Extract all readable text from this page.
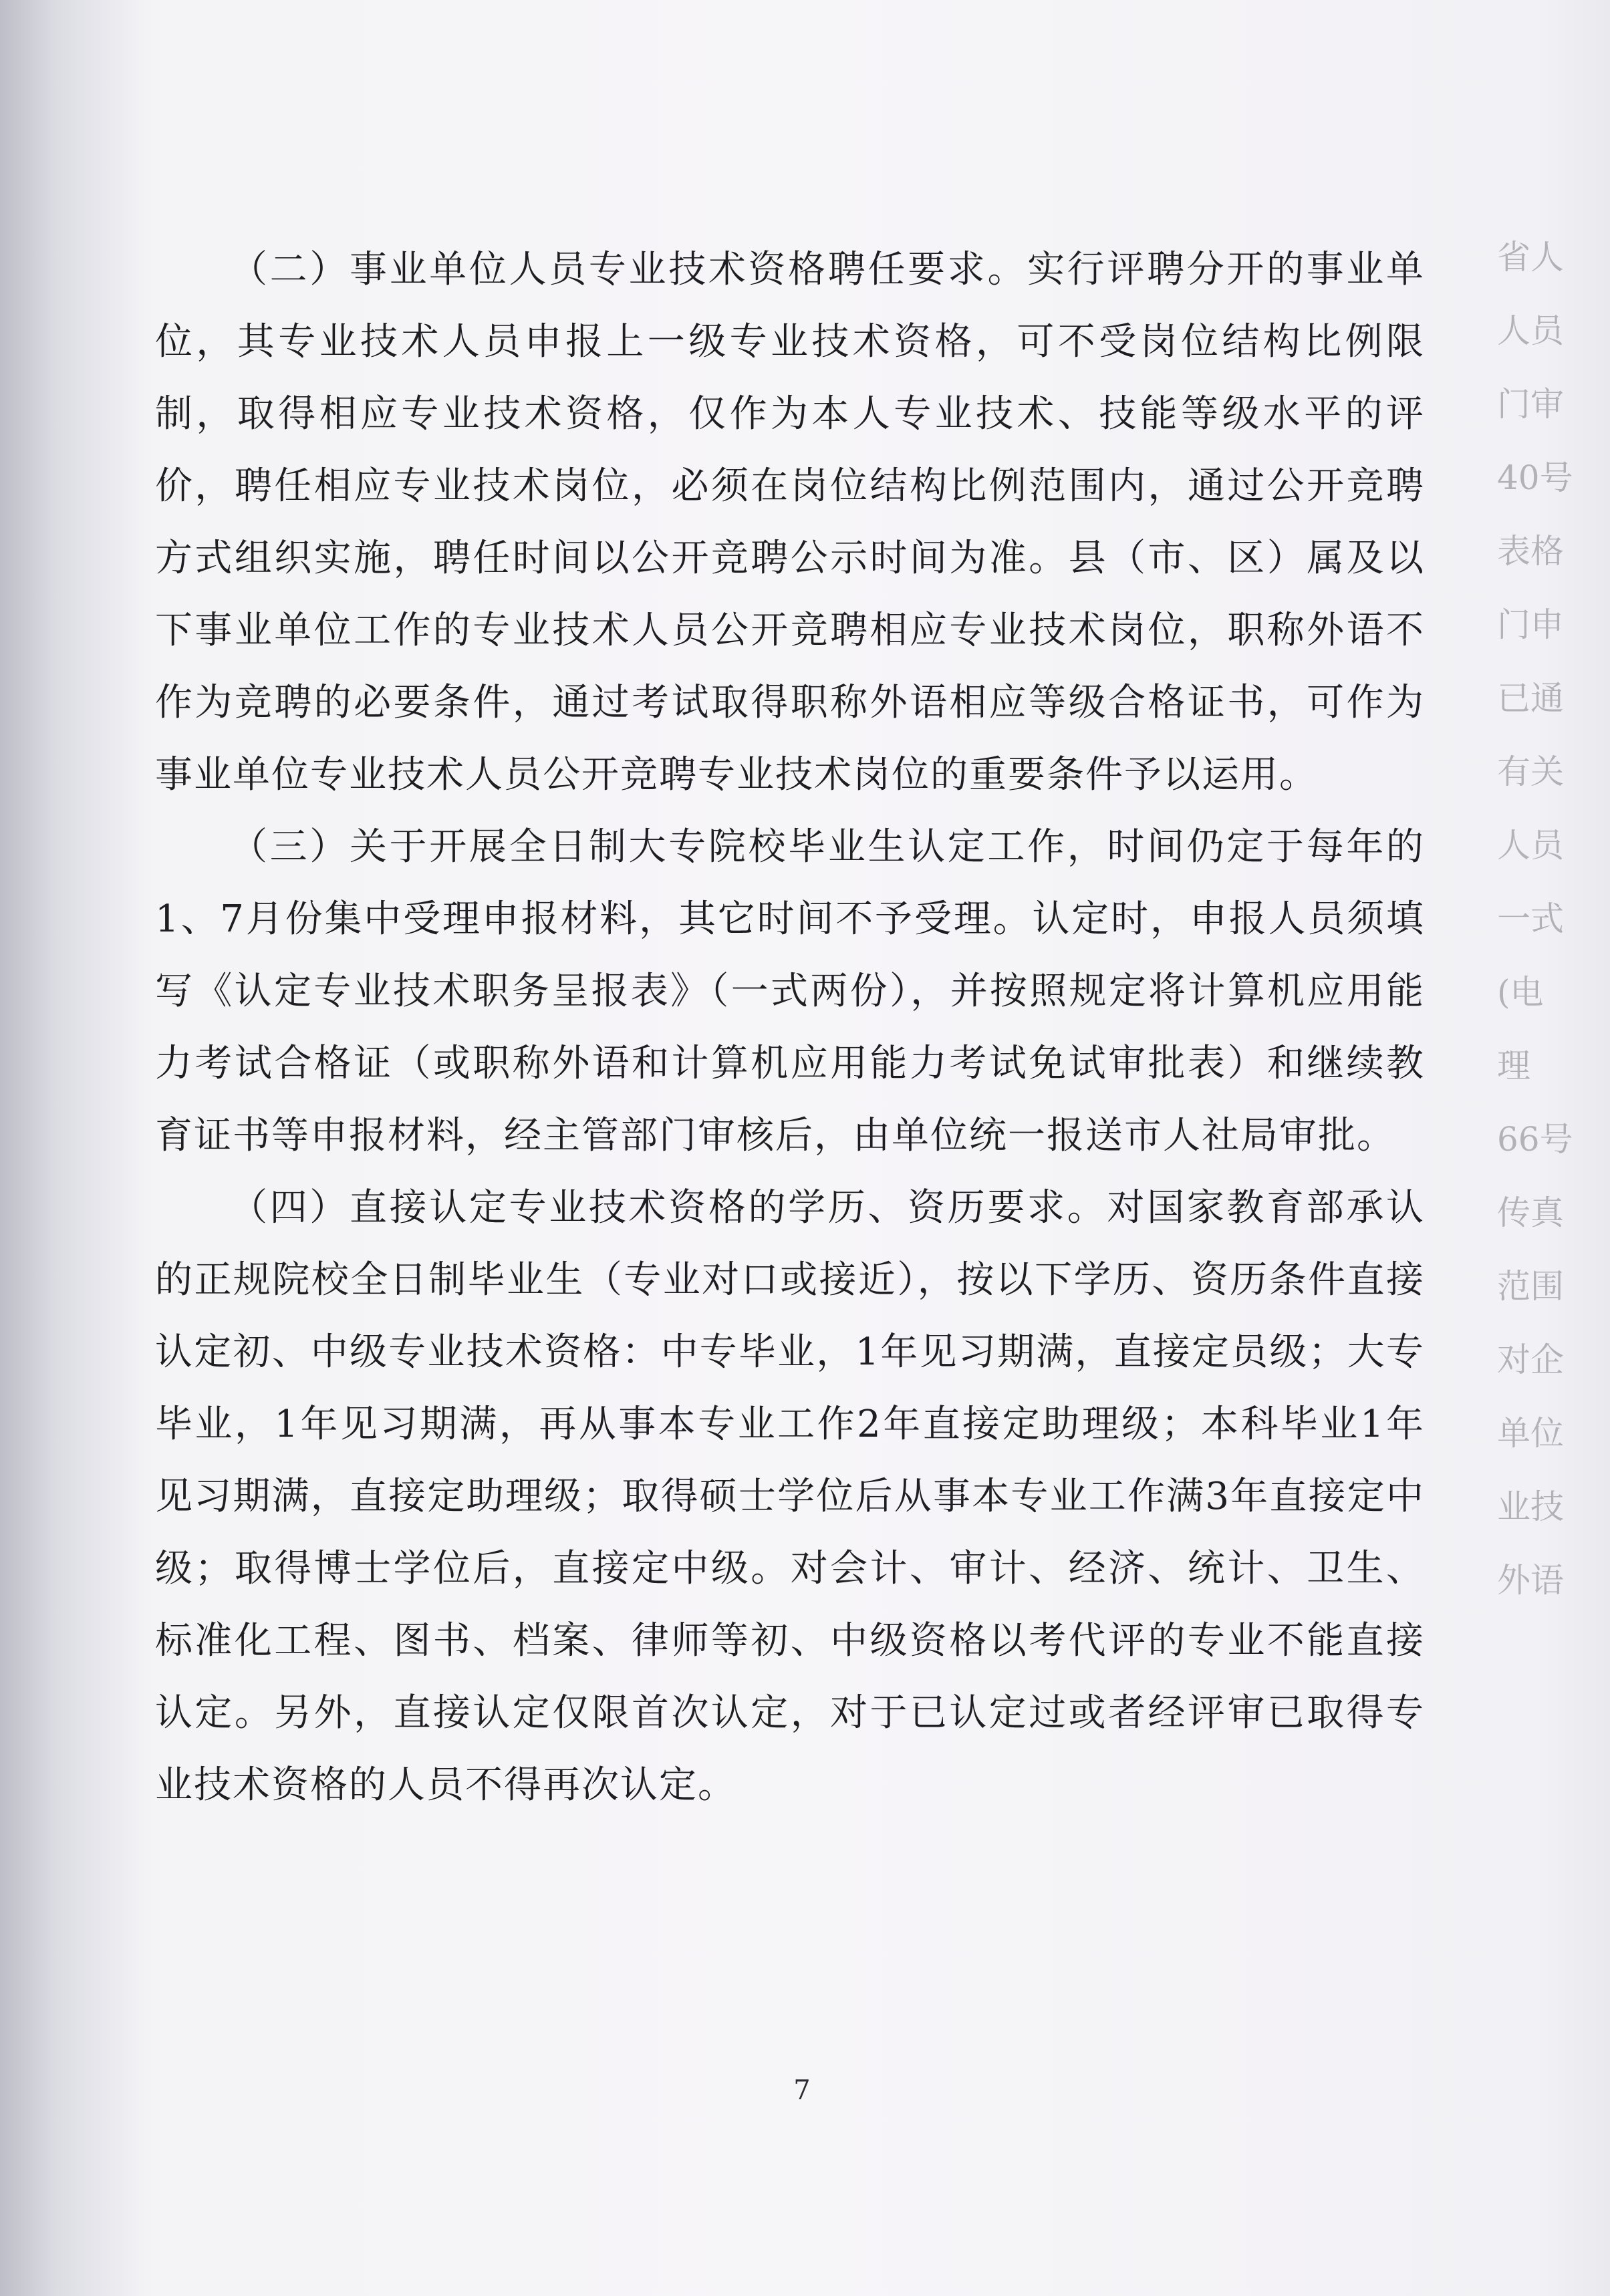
省人
人员
门审
40号
表格
门申
已通
有关
人员
一式
(电
理
66号
传真
范围
对企
单位
业技
外语

（二）事业单位人员专业技术资格聘任要求。实行评聘分开的事业单位，其专业技术人员申报上一级专业技术资格，可不受岗位结构比例限制，取得相应专业技术资格，仅作为本人专业技术、技能等级水平的评价，聘任相应专业技术岗位，必须在岗位结构比例范围内，通过公开竞聘方式组织实施，聘任时间以公开竞聘公示时间为准。县（市、区）属及以下事业单位工作的专业技术人员公开竞聘相应专业技术岗位，职称外语不作为竞聘的必要条件，通过考试取得职称外语相应等级合格证书，可作为事业单位专业技术人员公开竞聘专业技术岗位的重要条件予以运用。

（三）关于开展全日制大专院校毕业生认定工作，时间仍定于每年的1、7月份集中受理申报材料，其它时间不予受理。认定时，申报人员须填写《认定专业技术职务呈报表》（一式两份），并按照规定将计算机应用能力考试合格证（或职称外语和计算机应用能力考试免试审批表）和继续教育证书等申报材料，经主管部门审核后，由单位统一报送市人社局审批。

（四）直接认定专业技术资格的学历、资历要求。对国家教育部承认的正规院校全日制毕业生（专业对口或接近），按以下学历、资历条件直接认定初、中级专业技术资格：中专毕业，1年见习期满，直接定员级；大专毕业，1年见习期满，再从事本专业工作2年直接定助理级；本科毕业1年见习期满，直接定助理级；取得硕士学位后从事本专业工作满3年直接定中级；取得博士学位后，直接定中级。对会计、审计、经济、统计、卫生、标准化工程、图书、档案、律师等初、中级资格以考代评的专业不能直接认定。另外，直接认定仅限首次认定，对于已认定过或者经评审已取得专业技术资格的人员不得再次认定。

7
